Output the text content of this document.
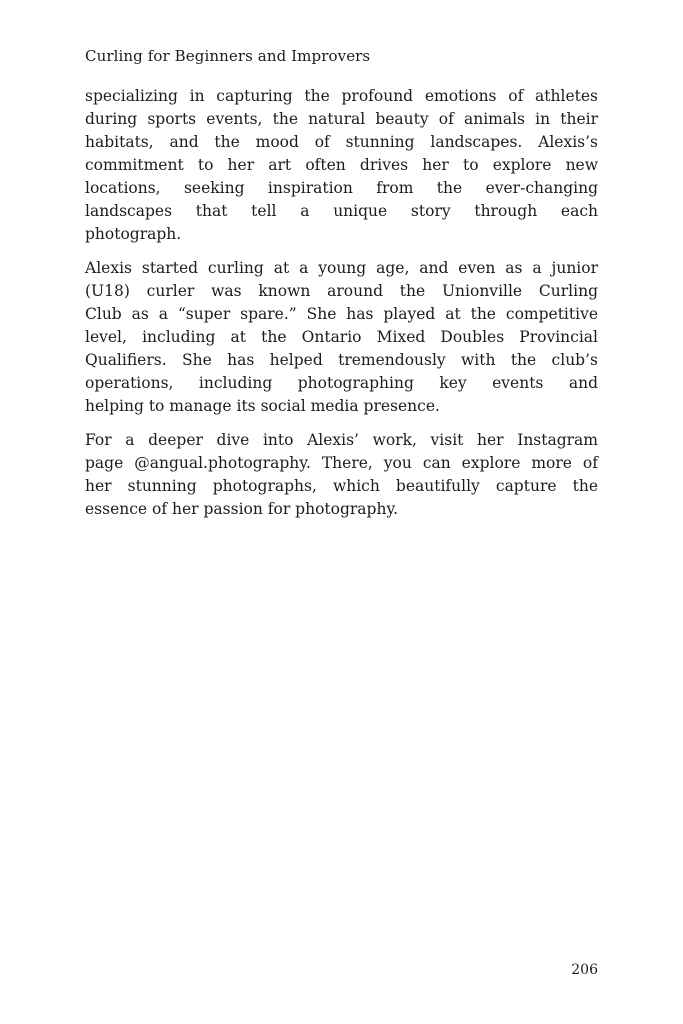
Curling for Beginners and Improvers
specializing in capturing the profound emotions of athletes
during sports events, the natural beauty of animals in their
habitats, and the mood of stunning landscapes. Alexis’s
commitment to her art often drives her to explore new
locations, seeking inspiration from the ever-changing
landscapes that tell a unique story through each
photograph.
Alexis started curling at a young age, and even as a junior
(U18) curler was known around the Unionville Curling
Club as a “super spare.” She has played at the competitive
level, including at the Ontario Mixed Doubles Provincial
Qualifiers. She has helped tremendously with the club’s
operations, including photographing key events and
helping to manage its social media presence.
For a deeper dive into Alexis’ work, visit her Instagram
page @angual.photography. There, you can explore more of
her stunning photographs, which beautifully capture the
essence of her passion for photography.
206
